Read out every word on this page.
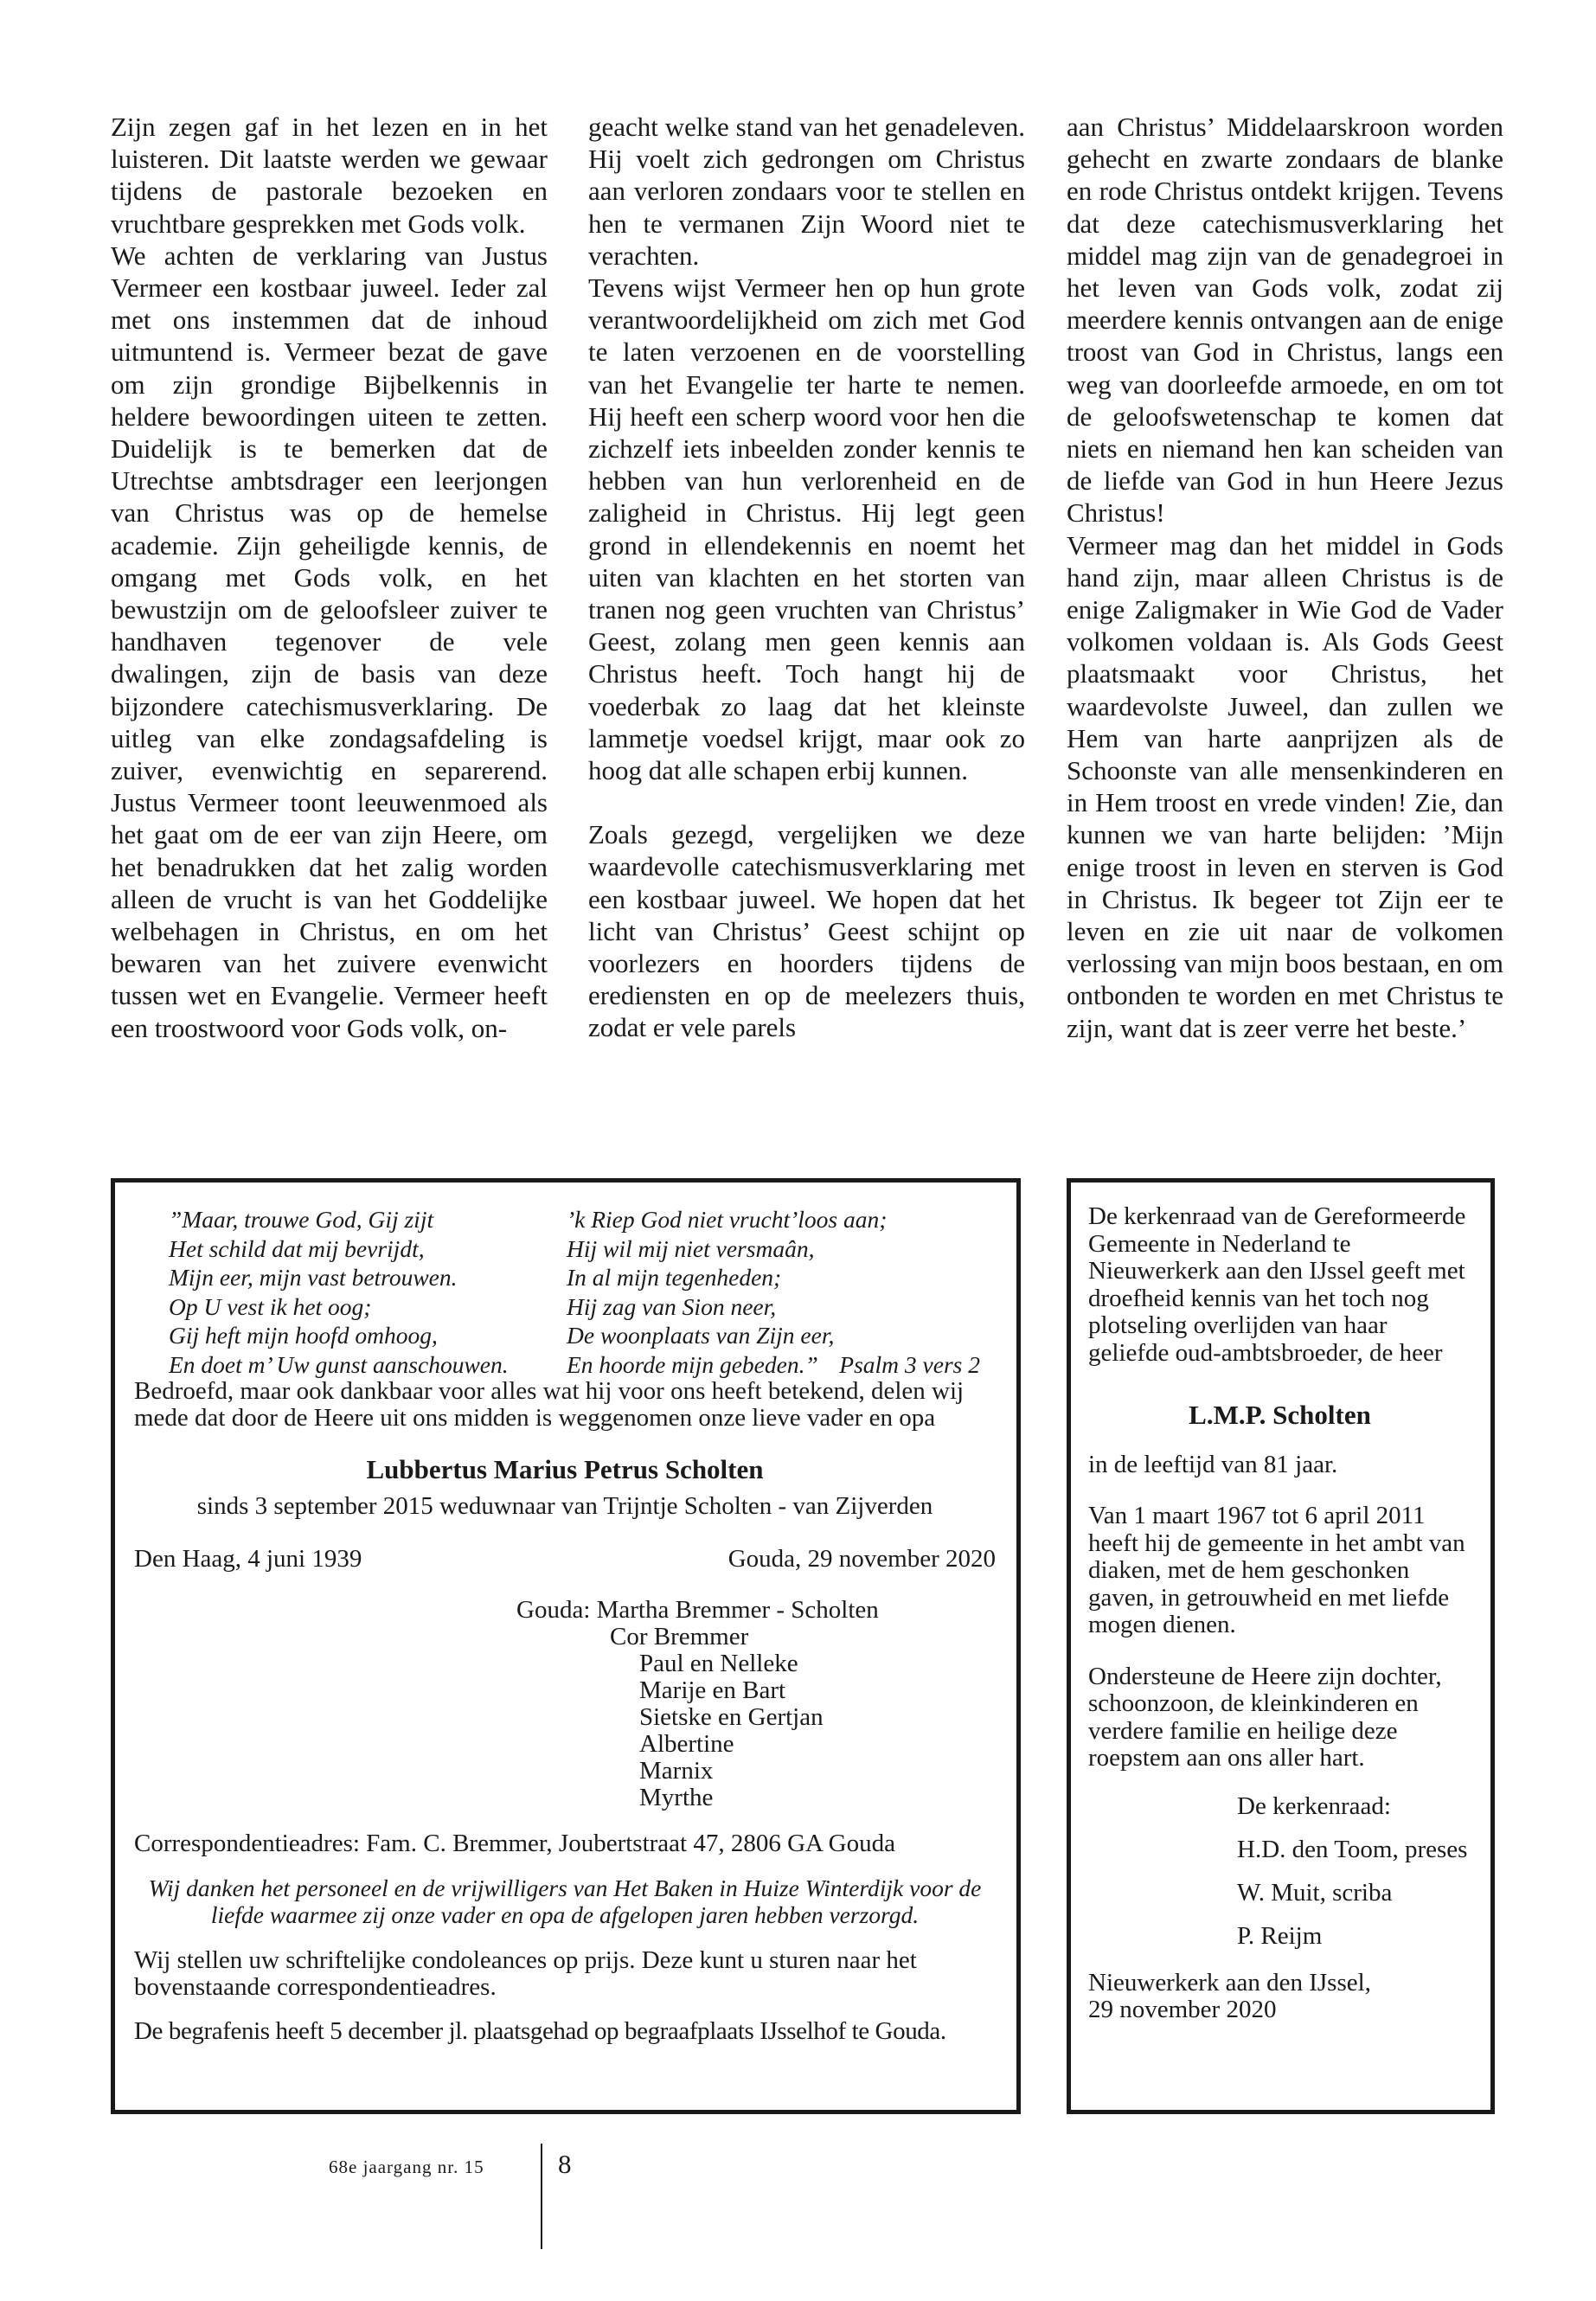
Zijn zegen gaf in het lezen en in het luisteren. Dit laatste werden we gewaar tijdens de pastorale bezoeken en vruchtbare gesprekken met Gods volk.

We achten de verklaring van Justus Vermeer een kostbaar juweel. Ieder zal met ons instemmen dat de inhoud uitmuntend is. Vermeer bezat de gave om zijn grondige Bijbelkennis in heldere bewoordingen uiteen te zetten. Duidelijk is te bemerken dat de Utrechtse ambtsdrager een leerjongen van Christus was op de hemelse academie. Zijn geheiligde kennis, de omgang met Gods volk, en het bewustzijn om de geloofsleer zuiver te handhaven tegenover de vele dwalingen, zijn de basis van deze bijzondere catechismusverklaring. De uitleg van elke zondagsafdeling is zuiver, evenwichtig en separerend. Justus Vermeer toont leeuwenmoed als het gaat om de eer van zijn Heere, om het benadrukken dat het zalig worden alleen de vrucht is van het Goddelijke welbehagen in Christus, en om het bewaren van het zuivere evenwicht tussen wet en Evangelie. Vermeer heeft een troostwoord voor Gods volk, on-

geacht welke stand van het genadeleven. Hij voelt zich gedrongen om Christus aan verloren zondaars voor te stellen en hen te vermanen Zijn Woord niet te verachten.

Tevens wijst Vermeer hen op hun grote verantwoordelijkheid om zich met God te laten verzoenen en de voorstelling van het Evangelie ter harte te nemen. Hij heeft een scherp woord voor hen die zichzelf iets inbeelden zonder kennis te hebben van hun verlorenheid en de zaligheid in Christus. Hij legt geen grond in ellendekennis en noemt het uiten van klachten en het storten van tranen nog geen vruchten van Christus’ Geest, zolang men geen kennis aan Christus heeft. Toch hangt hij de voederbak zo laag dat het kleinste lammetje voedsel krijgt, maar ook zo hoog dat alle schapen erbij kunnen.

Zoals gezegd, vergelijken we deze waardevolle catechismusverklaring met een kostbaar juweel. We hopen dat het licht van Christus’ Geest schijnt op voorlezers en hoorders tijdens de erediensten en op de meelezers thuis, zodat er vele parels

aan Christus’ Middelaarskroon worden gehecht en zwarte zondaars de blanke en rode Christus ontdekt krijgen. Tevens dat deze catechismusverklaring het middel mag zijn van de genadegroei in het leven van Gods volk, zodat zij meerdere kennis ontvangen aan de enige troost van God in Christus, langs een weg van doorleefde armoede, en om tot de geloofswetenschap te komen dat niets en niemand hen kan scheiden van de liefde van God in hun Heere Jezus Christus!

Vermeer mag dan het middel in Gods hand zijn, maar alleen Christus is de enige Zaligmaker in Wie God de Vader volkomen voldaan is. Als Gods Geest plaatsmaakt voor Christus, het waardevolste Juweel, dan zullen we Hem van harte aanprijzen als de Schoonste van alle mensenkinderen en in Hem troost en vrede vinden! Zie, dan kunnen we van harte belijden: ’Mijn enige troost in leven en sterven is God in Christus. Ik begeer tot Zijn eer te leven en zie uit naar de volkomen verlossing van mijn boos bestaan, en om ontbonden te worden en met Christus te zijn, want dat is zeer verre het beste.’

”Maar, trouwe God, Gij zijt
Het schild dat mij bevrijdt,
Mijn eer, mijn vast betrouwen.
Op U vest ik het oog;
Gij heft mijn hoofd omhoog,
En doet m’ Uw gunst aanschouwen.
’k Riep God niet vrucht’loos aan;
Hij wil mij niet versmaân,
In al mijn tegenheden;
Hij zag van Sion neer,
De woonplaats van Zijn eer,
En hoorde mijn gebeden.” Psalm 3 vers 2

Bedroefd, maar ook dankbaar voor alles wat hij voor ons heeft betekend, delen wij mede dat door de Heere uit ons midden is weggenomen onze lieve vader en opa

Lubbertus Marius Petrus Scholten

sinds 3 september 2015 weduwnaar van Trijntje Scholten - van Zijverden

Den Haag, 4 juni 1939	Gouda, 29 november 2020
Gouda: Martha Bremmer - Scholten
Cor Bremmer
Paul en Nelleke
Marije en Bart
Sietske en Gertjan
Albertine
Marnix
Myrthe

Correspondentieadres: Fam. C. Bremmer, Joubertstraat 47, 2806 GA Gouda

Wij danken het personeel en de vrijwilligers van Het Baken in Huize Winterdijk voor de liefde waarmee zij onze vader en opa de afgelopen jaren hebben verzorgd.

Wij stellen uw schriftelijke condoleances op prijs. Deze kunt u sturen naar het bovenstaande correspondentieadres.

De begrafenis heeft 5 december jl. plaatsgehad op begraafplaats IJsselhof te Gouda.

De kerkenraad van de Gereformeerde Gemeente in Nederland te Nieuwerkerk aan den IJssel geeft met droefheid kennis van het toch nog plotseling overlijden van haar geliefde oud-ambtsbroeder, de heer

L.M.P. Scholten

in de leeftijd van 81 jaar.

Van 1 maart 1967 tot 6 april 2011 heeft hij de gemeente in het ambt van diaken, met de hem geschonken gaven, in getrouwheid en met liefde mogen dienen.

Ondersteune de Heere zijn dochter, schoonzoon, de kleinkinderen en verdere familie en heilige deze roepstem aan ons aller hart.

De kerkenraad:
H.D. den Toom, preses
W. Muit, scriba
P. Reijm

Nieuwerkerk aan den IJssel,

29 november 2020

68e jaargang nr. 15	8
